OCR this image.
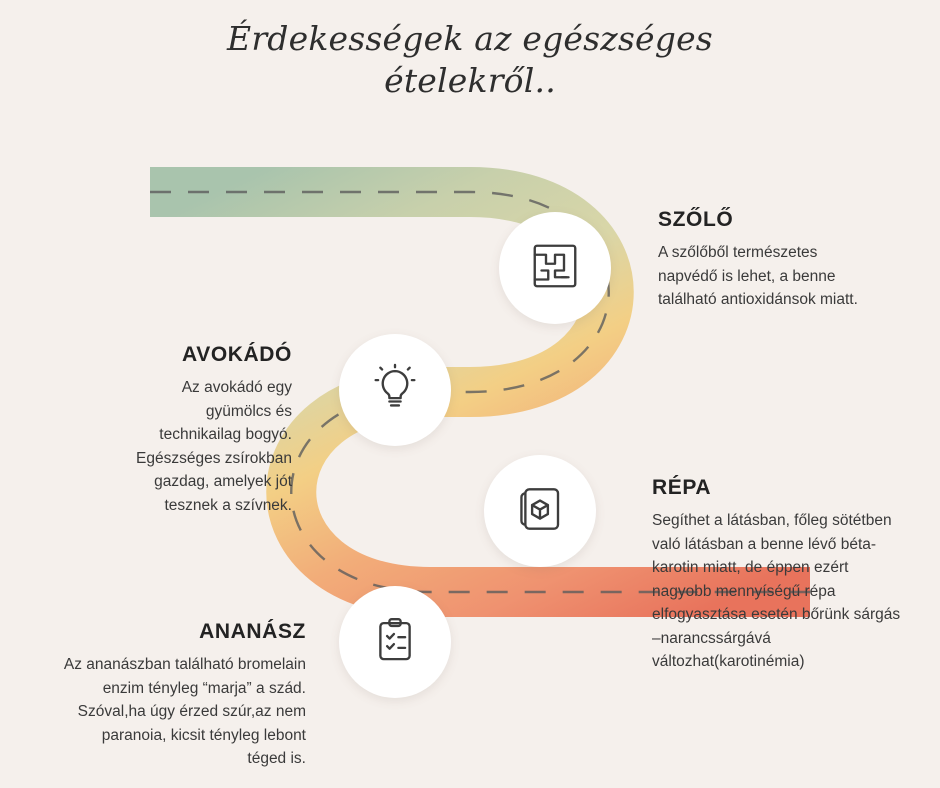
Érdekességek az egészséges ételekről..
SZŐLŐ
A szőlőből természetes napvédő is lehet, a benne található antioxidánsok miatt.
AVOKÁDÓ
Az avokádó egy gyümölcs és technikailag bogyó. Egészséges zsírokban gazdag, amelyek jót tesznek a szívnek.
RÉPA
Segíthet a látásban, főleg sötétben való látásban a benne lévő béta-karotin miatt, de éppen ezért nagyobb mennyíségű répa elfogyasztása esetén bőrünk sárgás –narancssárgává változhat(karotinémia)
ANANÁSZ
Az ananászban található bromelain enzim tényleg “marja” a szád. Szóval,ha úgy érzed szúr,az nem paranoia, kicsit tényleg lebont téged is.
